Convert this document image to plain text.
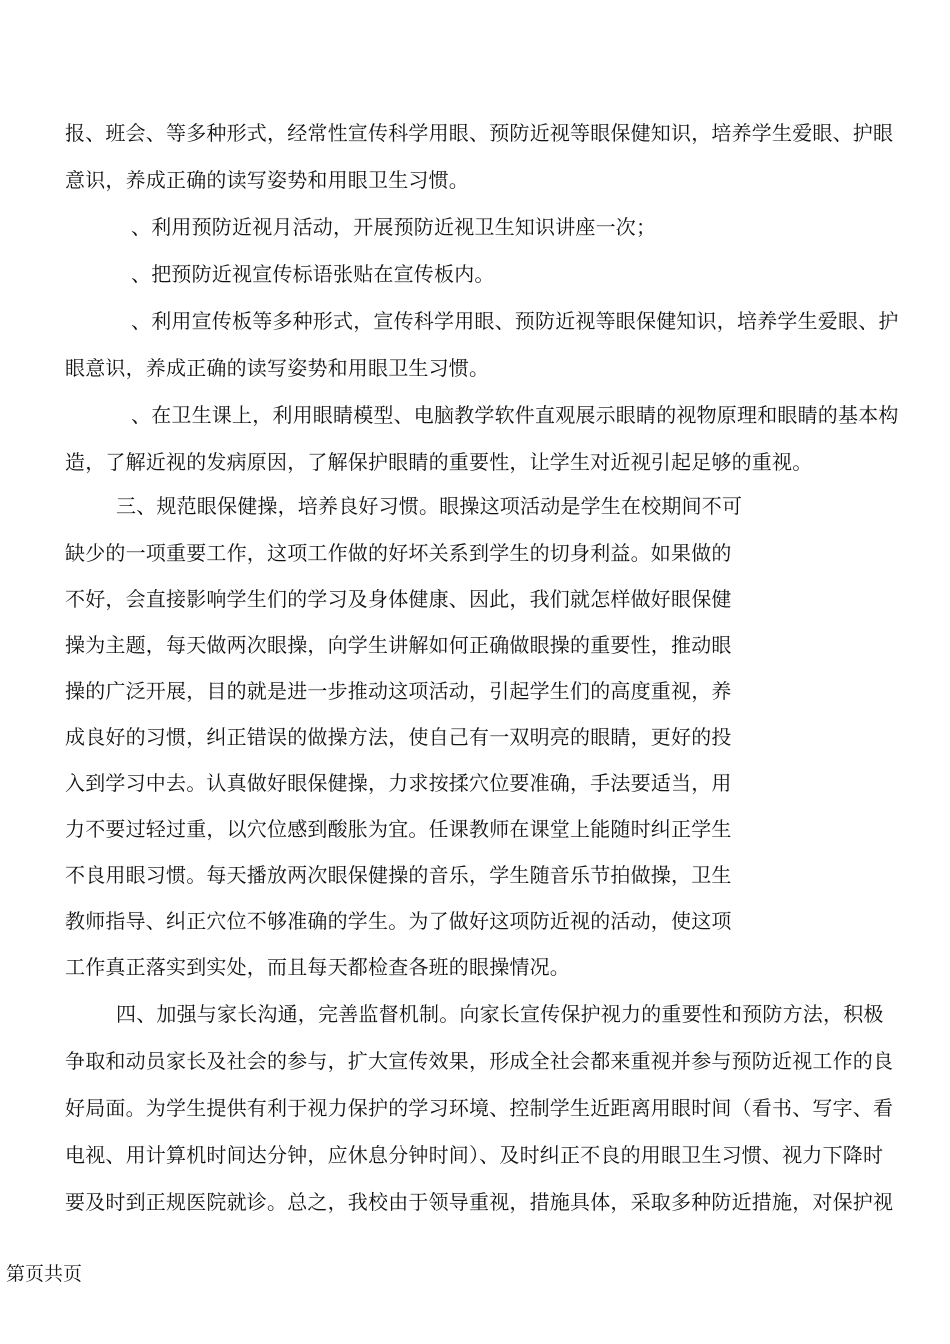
报、班会、等多种形式，经常性宣传科学用眼、预防近视等眼保健知识，培养学生爱眼、护眼
意识，养成正确的读写姿势和用眼卫生习惯。
、利用预防近视月活动，开展预防近视卫生知识讲座一次；
、把预防近视宣传标语张贴在宣传板内。
、利用宣传板等多种形式，宣传科学用眼、预防近视等眼保健知识，培养学生爱眼、护
眼意识，养成正确的读写姿势和用眼卫生习惯。
、在卫生课上，利用眼睛模型、电脑教学软件直观展示眼睛的视物原理和眼睛的基本构
造，了解近视的发病原因，了解保护眼睛的重要性，让学生对近视引起足够的重视。
三、规范眼保健操，培养良好习惯。眼操这项活动是学生在校期间不可
缺少的一项重要工作，这项工作做的好坏关系到学生的切身利益。如果做的
不好，会直接影响学生们的学习及身体健康、因此，我们就怎样做好眼保健
操为主题，每天做两次眼操，向学生讲解如何正确做眼操的重要性，推动眼
操的广泛开展，目的就是进一步推动这项活动，引起学生们的高度重视，养
成良好的习惯，纠正错误的做操方法，使自己有一双明亮的眼睛，更好的投
入到学习中去。认真做好眼保健操，力求按揉穴位要准确，手法要适当，用
力不要过轻过重，以穴位感到酸胀为宜。任课教师在课堂上能随时纠正学生
不良用眼习惯。每天播放两次眼保健操的音乐，学生随音乐节拍做操，卫生
教师指导、纠正穴位不够准确的学生。为了做好这项防近视的活动，使这项
工作真正落实到实处，而且每天都检查各班的眼操情况。
四、加强与家长沟通，完善监督机制。向家长宣传保护视力的重要性和预防方法，积极
争取和动员家长及社会的参与，扩大宣传效果，形成全社会都来重视并参与预防近视工作的良
好局面。为学生提供有利于视力保护的学习环境、控制学生近距离用眼时间（看书、写字、看
电视、用计算机时间达分钟，应休息分钟时间）、及时纠正不良的用眼卫生习惯、视力下降时
要及时到正规医院就诊。总之，我校由于领导重视，措施具体，采取多种防近措施，对保护视
第页共页
